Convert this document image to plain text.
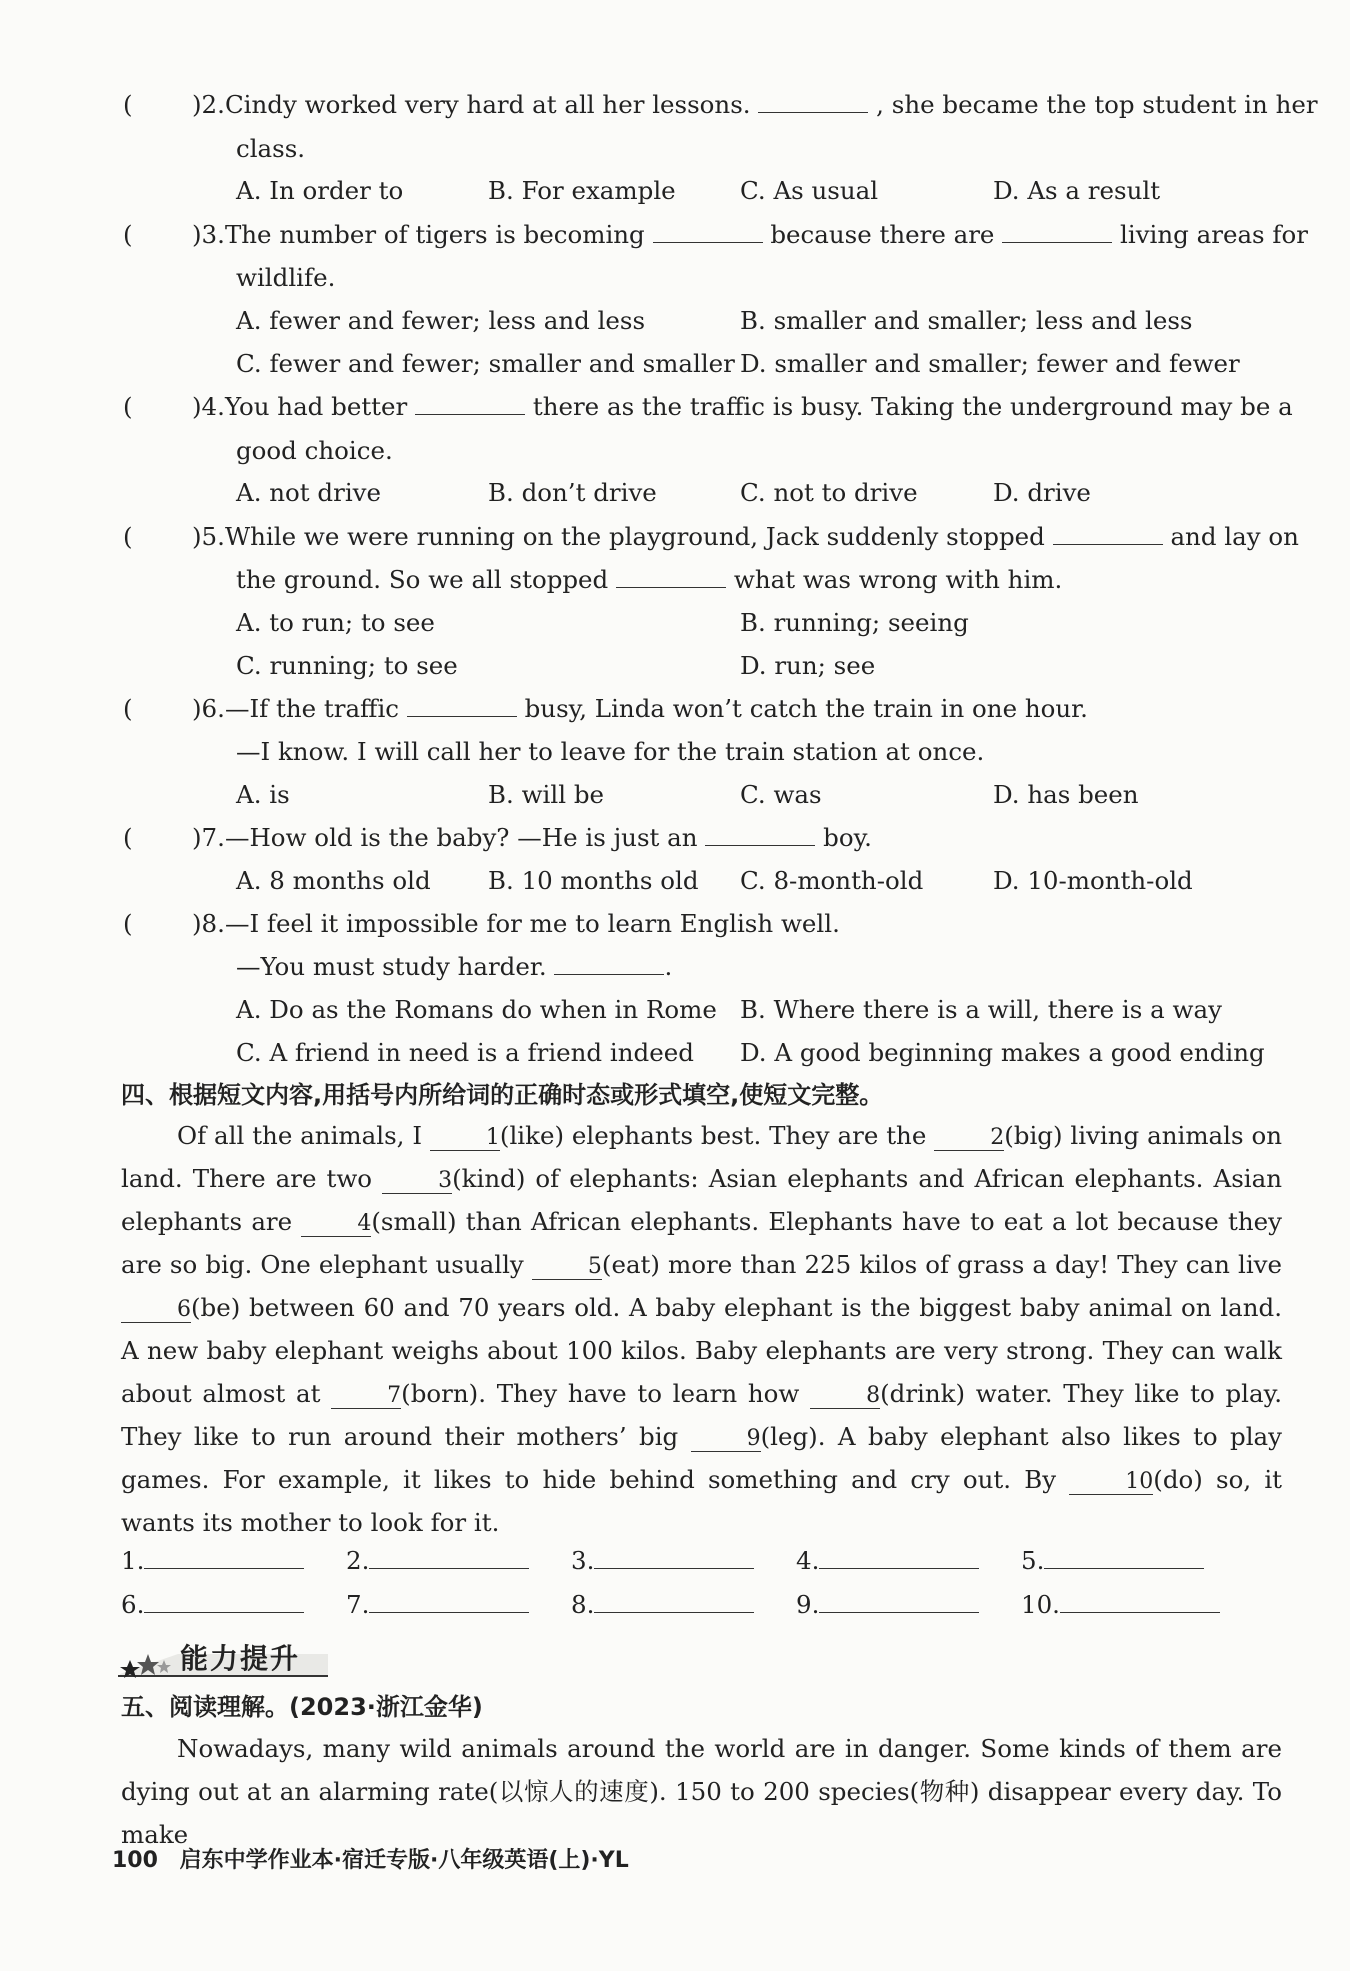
( )2.Cindy worked very hard at all her lessons.	, she became the top student in her
class.
A. In order to	B. For example	C. As usual	D. As a result
( )3.The number of tigers is becoming	because there are	living areas for
wildlife.
A. fewer and fewer; less and less	B. smaller and smaller; less and less
C. fewer and fewer; smaller and smaller D. smaller and smaller; fewer and fewer
( )4.You had better	there as the traffic is busy. Taking the underground may be a
good choice.
A. not drive	B. don’t drive	C. not to drive	D. drive
( )5.While we were running on the playground, Jack suddenly stopped	and lay on
the ground. So we all stopped	what was wrong with him.
A. to run; to see	B. running; seeing
C. running; to see	D. run; see
( )6.—If the traffic	busy, Linda won’t catch the train in one hour.
—I know. I will call her to leave for the train station at once.
A. is	B. will be	C. was	D. has been
( )7.—How old is the baby? —He is just an	boy.
A. 8 months old B. 10 months old C. 8-month-old	D. 10-month-old
( )8.—I feel it impossible for me to learn English well.
—You must study harder.	.
A. Do as the Romans do when in Rome B. Where there is a will, there is a way
C. A friend in need is a friend indeed D. A good beginning makes a good ending
四、根据短文内容,用括号内所给词的正确时态或形式填空,使短文完整。
Of all the animals, I	1(like) elephants best. They are the	2(big) living animals on land. There are two	3(kind) of elephants: Asian elephants and African elephants. Asian elephants are	4(small) than African elephants. Elephants have to eat a lot because they are so big. One elephant usually	5(eat) more than 225 kilos of grass a day! They can live 6(be) between 60 and 70 years old. A baby elephant is the biggest baby animal on land. A new baby elephant weighs about 100 kilos. Baby elephants are very strong. They can walk about almost at	7(born). They have to learn how	8(drink) water. They like to play. They like to run around their mothers’ big	9(leg). A baby elephant also likes to play games. For example, it likes to hide behind something and cry out. By	10(do) so, it wants its mother to look for it.
1.	2.	3.	4.	5.
6.	7.	8.	9.	10.
能力提升
五、阅读理解。(2023·浙江金华)
Nowadays, many wild animals around the world are in danger. Some kinds of them are dying out at an alarming rate(以惊人的速度). 150 to 200 species(物种) disappear every day. To make
100 启东中学作业本·宿迁专版·八年级英语(上)·YL
